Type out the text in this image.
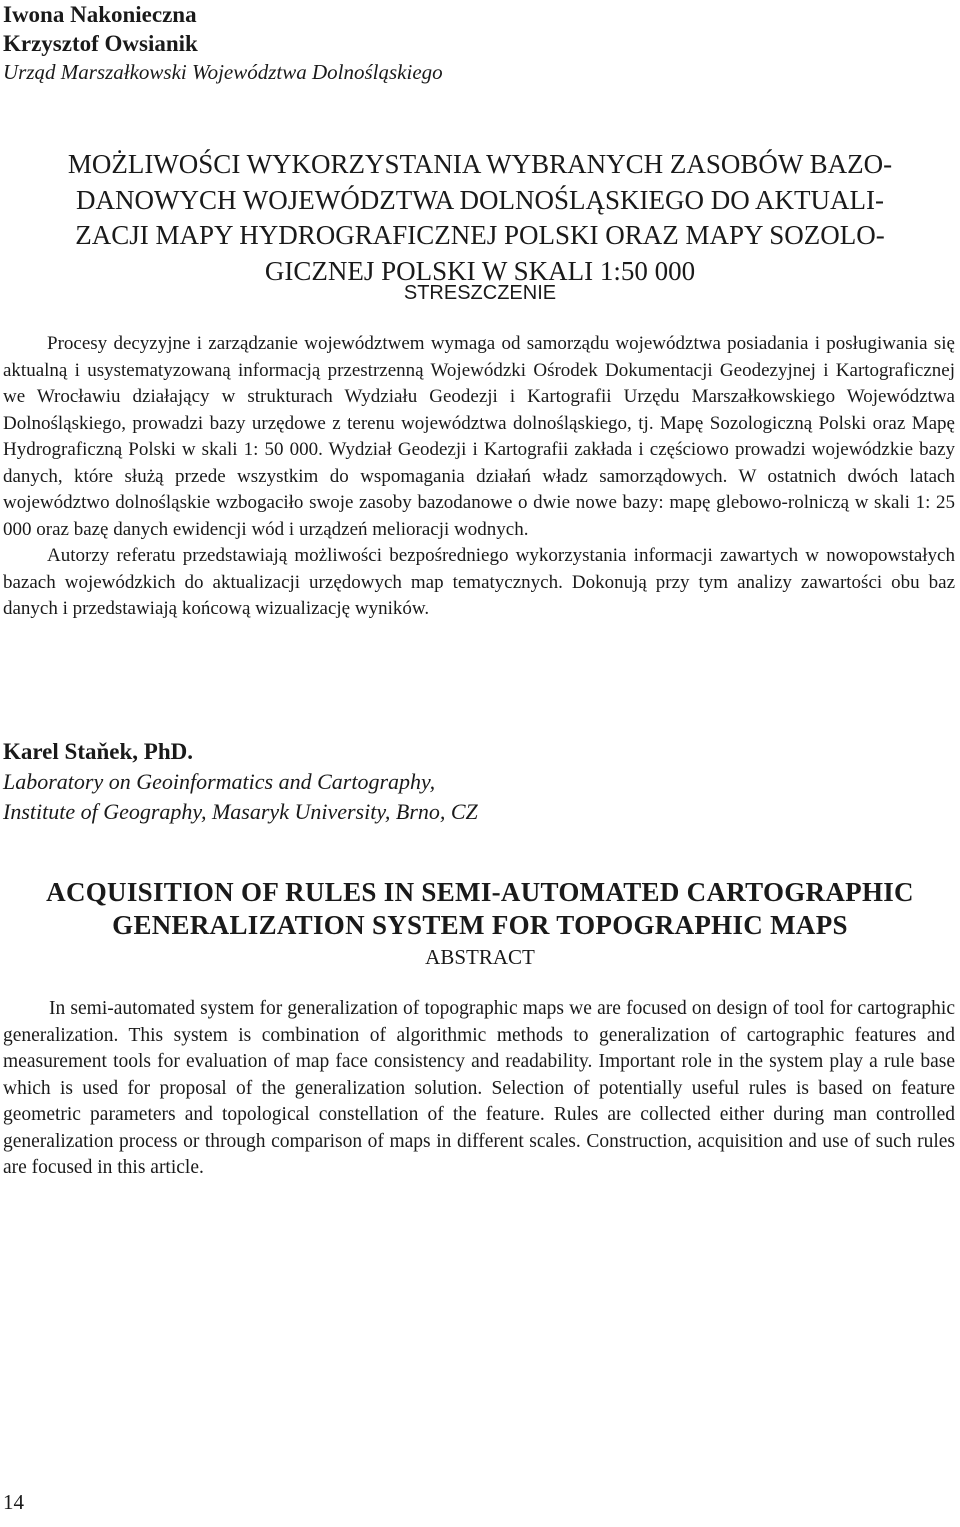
Iwona Nakonieczna

Krzysztof Owsianik

Urząd Marszałkowski Województwa Dolnośląskiego

MOŻLIWOŚCI WYKORZYSTANIA WYBRANYCH ZASOBÓW BAZO-
DANOWYCH WOJEWÓDZTWA DOLNOŚLĄSKIEGO DO AKTUALI-
ZACJI MAPY HYDROGRAFICZNEJ POLSKI ORAZ MAPY SOZOLO-
GICZNEJ POLSKI W SKALI 1:50 000

STRESZCZENIE

Procesy decyzyjne i zarządzanie województwem wymaga od samorządu województwa posiadania i posługiwania się aktualną i usystematyzowaną informacją przestrzenną Wojewódzki Ośrodek Dokumentacji Geodezyjnej i Kartograficznej we Wrocławiu działający w strukturach Wydziału Geodezji i Kartografii Urzędu Marszałkowskiego Województwa Dolnośląskiego, prowadzi bazy urzędowe z terenu województwa dolnośląskiego, tj. Mapę Sozologiczną Polski oraz Mapę Hydrograficzną Polski w skali 1: 50 000. Wydział Geodezji i Kartografii zakłada i częściowo prowadzi wojewódzkie bazy danych, które służą przede wszystkim do wspomagania działań władz samorządowych. W ostatnich dwóch latach województwo dolnośląskie wzbogaciło swoje zasoby bazodanowe o dwie nowe bazy: mapę glebowo-rolniczą w skali 1: 25 000 oraz bazę danych ewidencji wód i urządzeń melioracji wodnych.

Autorzy referatu przedstawiają możliwości bezpośredniego wykorzystania informacji zawartych w nowopowstałych bazach wojewódzkich do aktualizacji urzędowych map tematycznych. Dokonują przy tym analizy zawartości obu baz danych i przedstawiają końcową wizualizację wyników.

Karel Staňek, PhD.

Laboratory on Geoinformatics and Cartography,

Institute of Geography, Masaryk University, Brno, CZ

ACQUISITION OF RULES IN SEMI-AUTOMATED CARTOGRAPHIC
GENERALIZATION SYSTEM FOR TOPOGRAPHIC MAPS

ABSTRACT

In semi-automated system for generalization of topographic maps we are focused on design of tool for cartographic generalization. This system is combination of algorithmic methods to generalization of cartographic features and measurement tools for evaluation of map face consistency and readability. Important role in the system play a rule base which is used for proposal of the generalization solution. Selection of potentially useful rules is based on feature geometric parameters and topological constellation of the feature. Rules are collected either during man controlled generalization process or through comparison of maps in different scales. Construction, acquisition and use of such rules are focused in this article.

14
